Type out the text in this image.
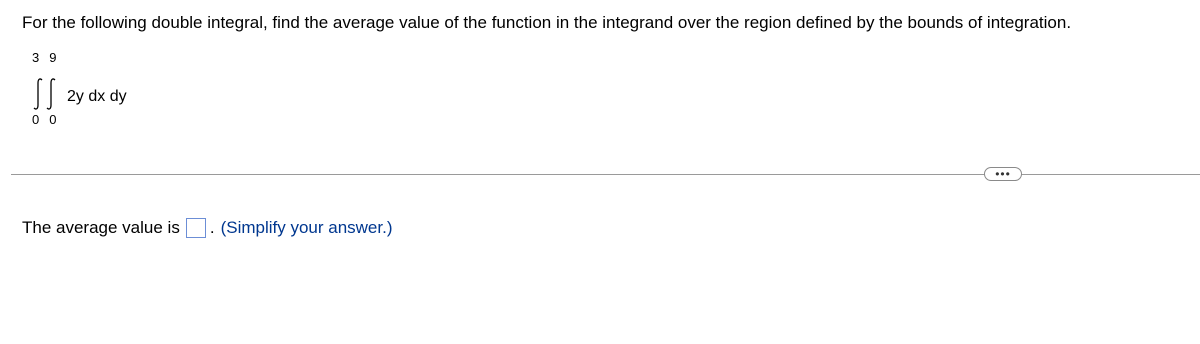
For the following double integral, find the average value of the function in the integrand over the region defined by the bounds of integration.
3 9
2y dx dy
0 0
•••
The average value is . (Simplify your answer.)
